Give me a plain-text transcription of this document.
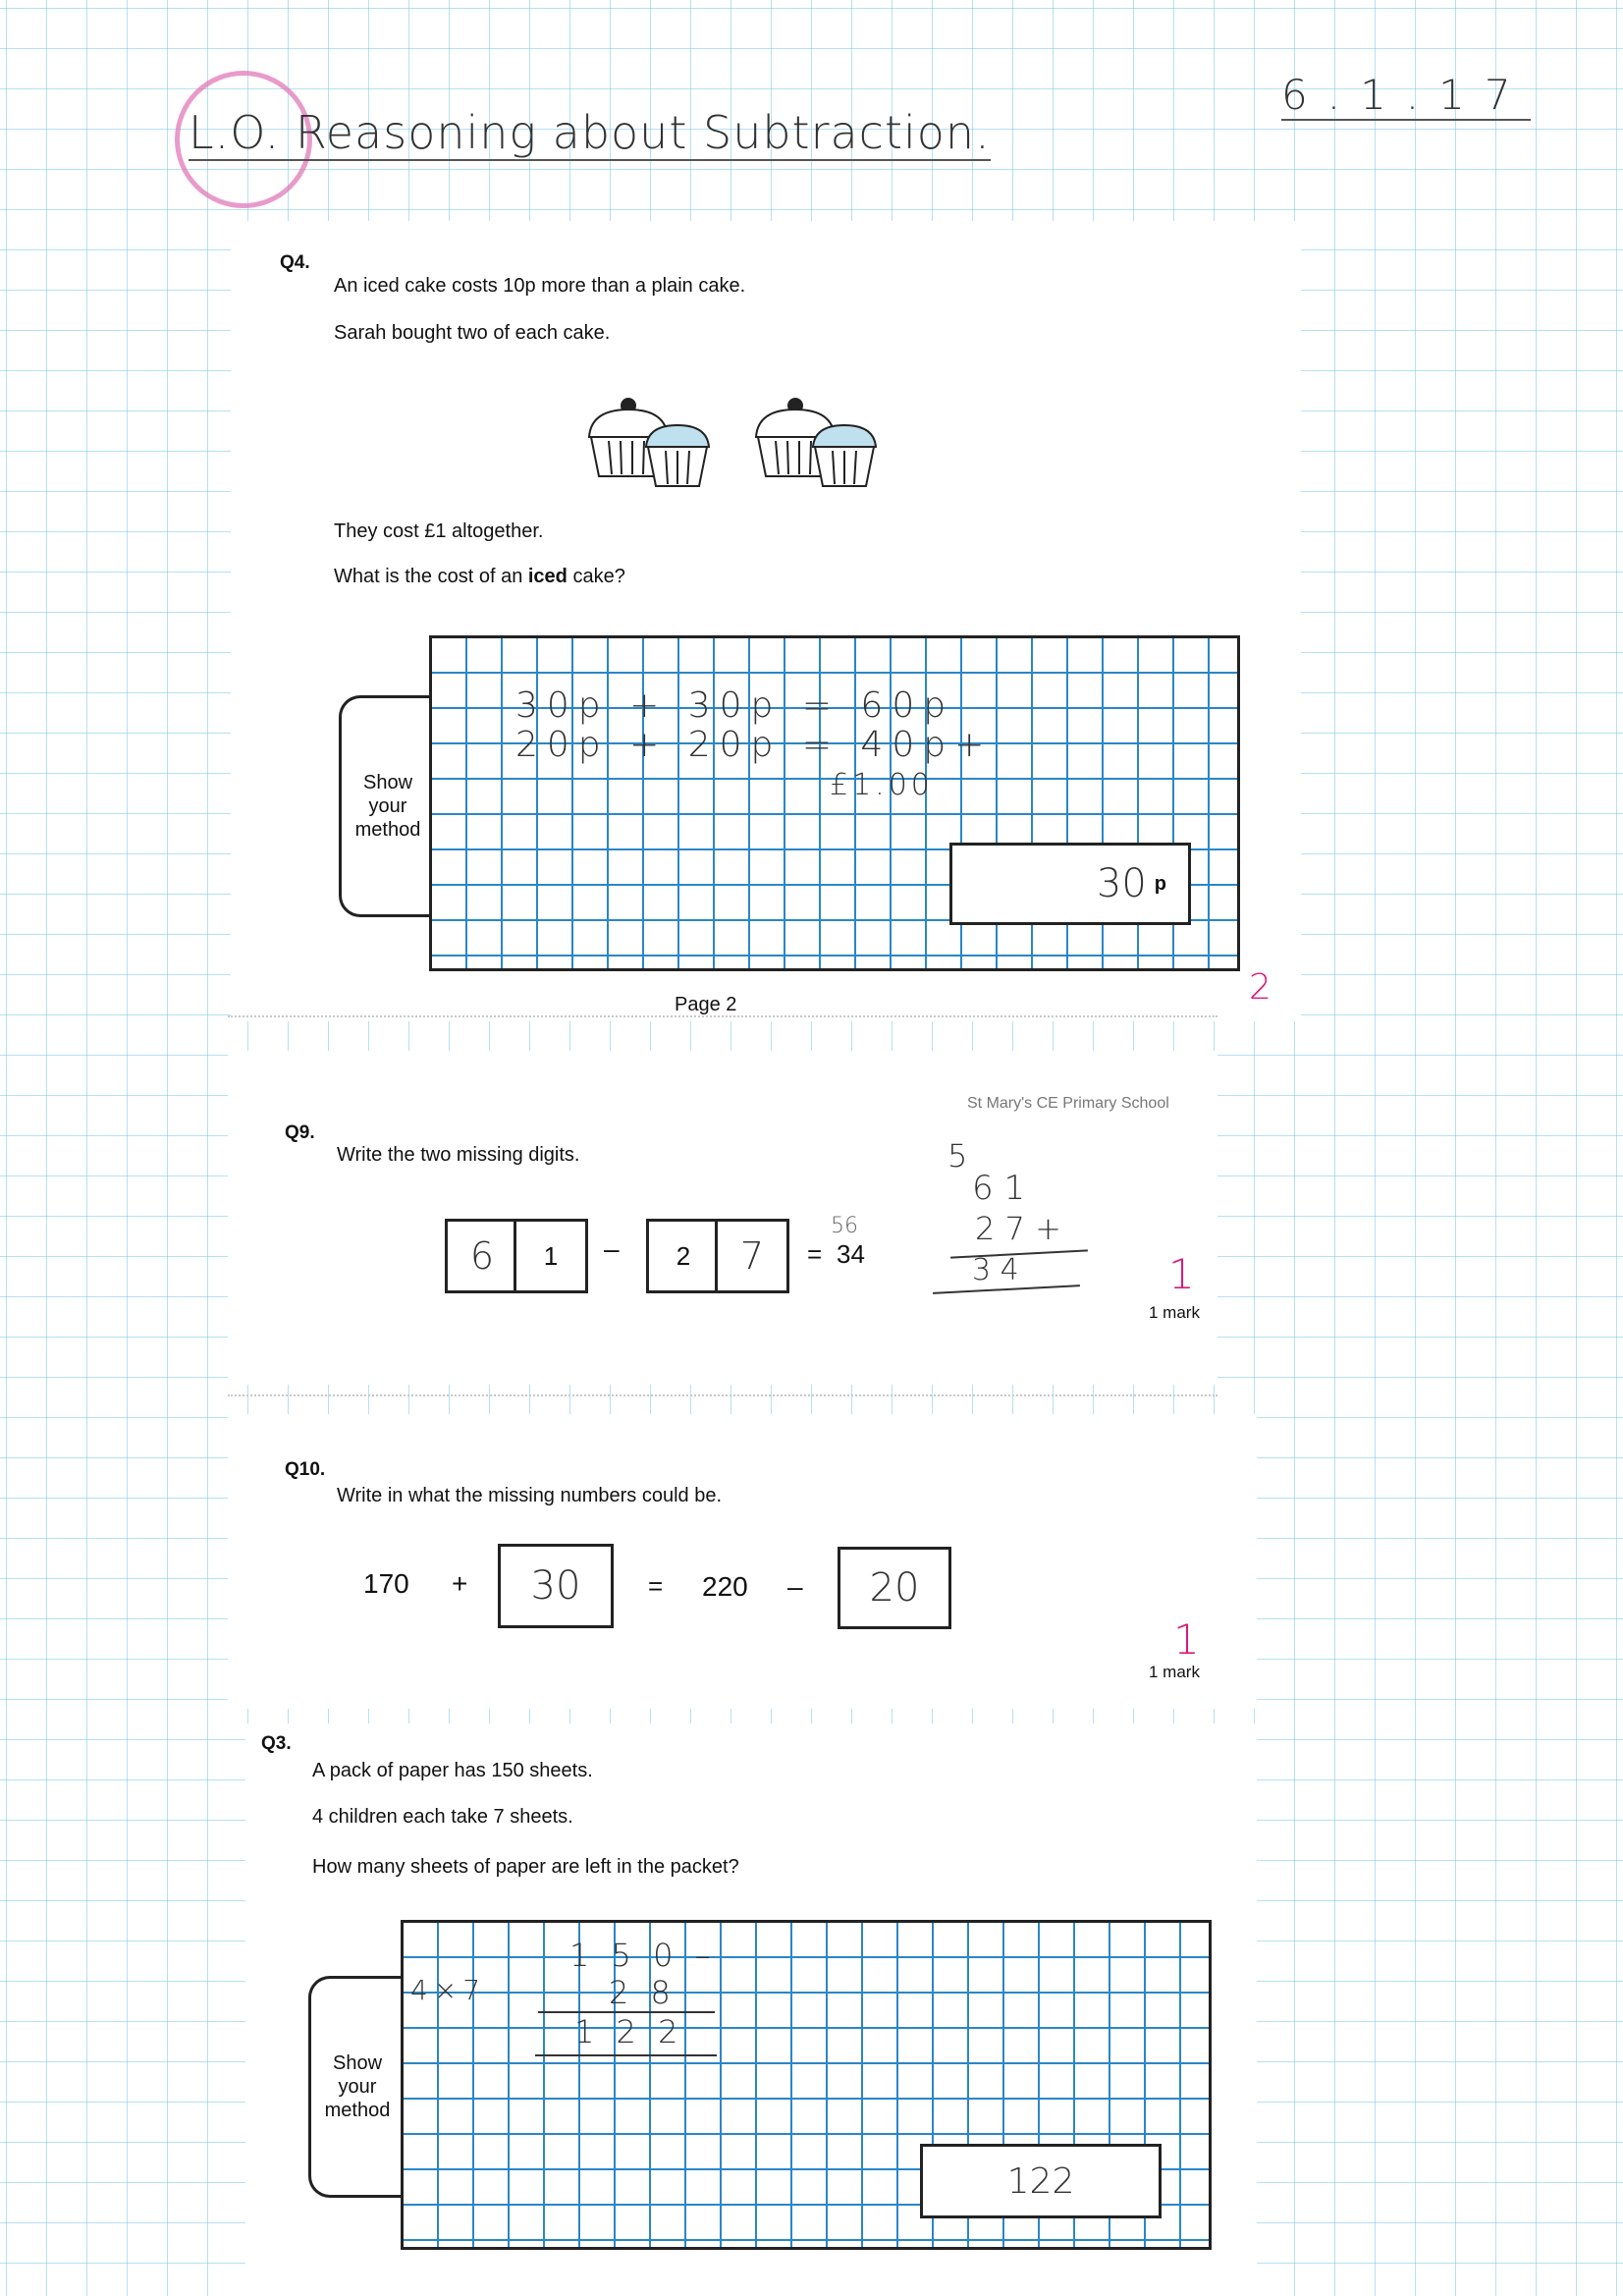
L.O. Reasoning about Subtraction.
6.1.17
Q4.
An iced cake costs 10p more than a plain cake.
Sarah bought two of each cake.
They cost £1 altogether.
What is the cost of an iced cake?
Show
your
method
30p + 30p = 60p
20p + 20p = 40p+
£1.00
30 p
Page 2	2
St Mary's CE Primary School
Q9.
Write the two missing digits.
6	1	–	2	7	= 34
56
5
6 1
2 7 +
3 4
1 mark
1
Q10.
Write in what the missing numbers could be.
170 +	30	= 220 –	20
1 mark
1
Q3.
A pack of paper has 150 sheets.
4 children each take 7 sheets.
How many sheets of paper are left in the packet?
Show
your
method
4×7
1 5 0 –
2 8
1 2 2
122
